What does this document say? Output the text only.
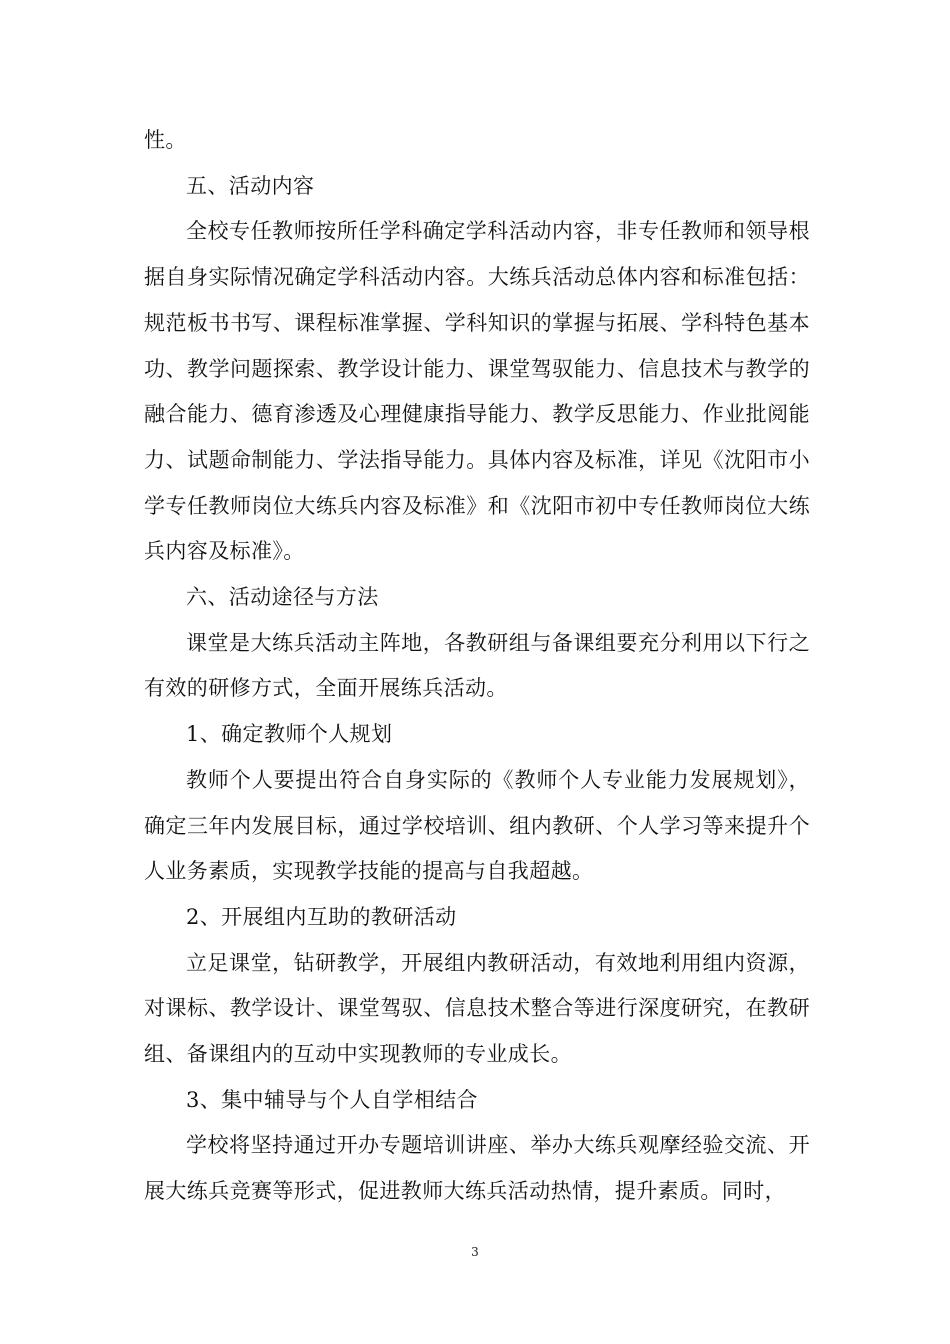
性。

五、活动内容

全校专任教师按所任学科确定学科活动内容，非专任教师和领导根据自身实际情况确定学科活动内容。大练兵活动总体内容和标准包括：规范板书书写、课程标准掌握、学科知识的掌握与拓展、学科特色基本功、教学问题探索、教学设计能力、课堂驾驭能力、信息技术与教学的融合能力、德育渗透及心理健康指导能力、教学反思能力、作业批阅能力、试题命制能力、学法指导能力。具体内容及标准，详见《沈阳市小学专任教师岗位大练兵内容及标准》和《沈阳市初中专任教师岗位大练兵内容及标准》。

六、活动途径与方法

课堂是大练兵活动主阵地，各教研组与备课组要充分利用以下行之有效的研修方式，全面开展练兵活动。

1、确定教师个人规划

教师个人要提出符合自身实际的《教师个人专业能力发展规划》，确定三年内发展目标，通过学校培训、组内教研、个人学习等来提升个人业务素质，实现教学技能的提高与自我超越。

2、开展组内互助的教研活动

立足课堂，钻研教学，开展组内教研活动，有效地利用组内资源，对课标、教学设计、课堂驾驭、信息技术整合等进行深度研究，在教研组、备课组内的互动中实现教师的专业成长。

3、集中辅导与个人自学相结合

学校将坚持通过开办专题培训讲座、举办大练兵观摩经验交流、开展大练兵竞赛等形式，促进教师大练兵活动热情，提升素质。同时，

3
